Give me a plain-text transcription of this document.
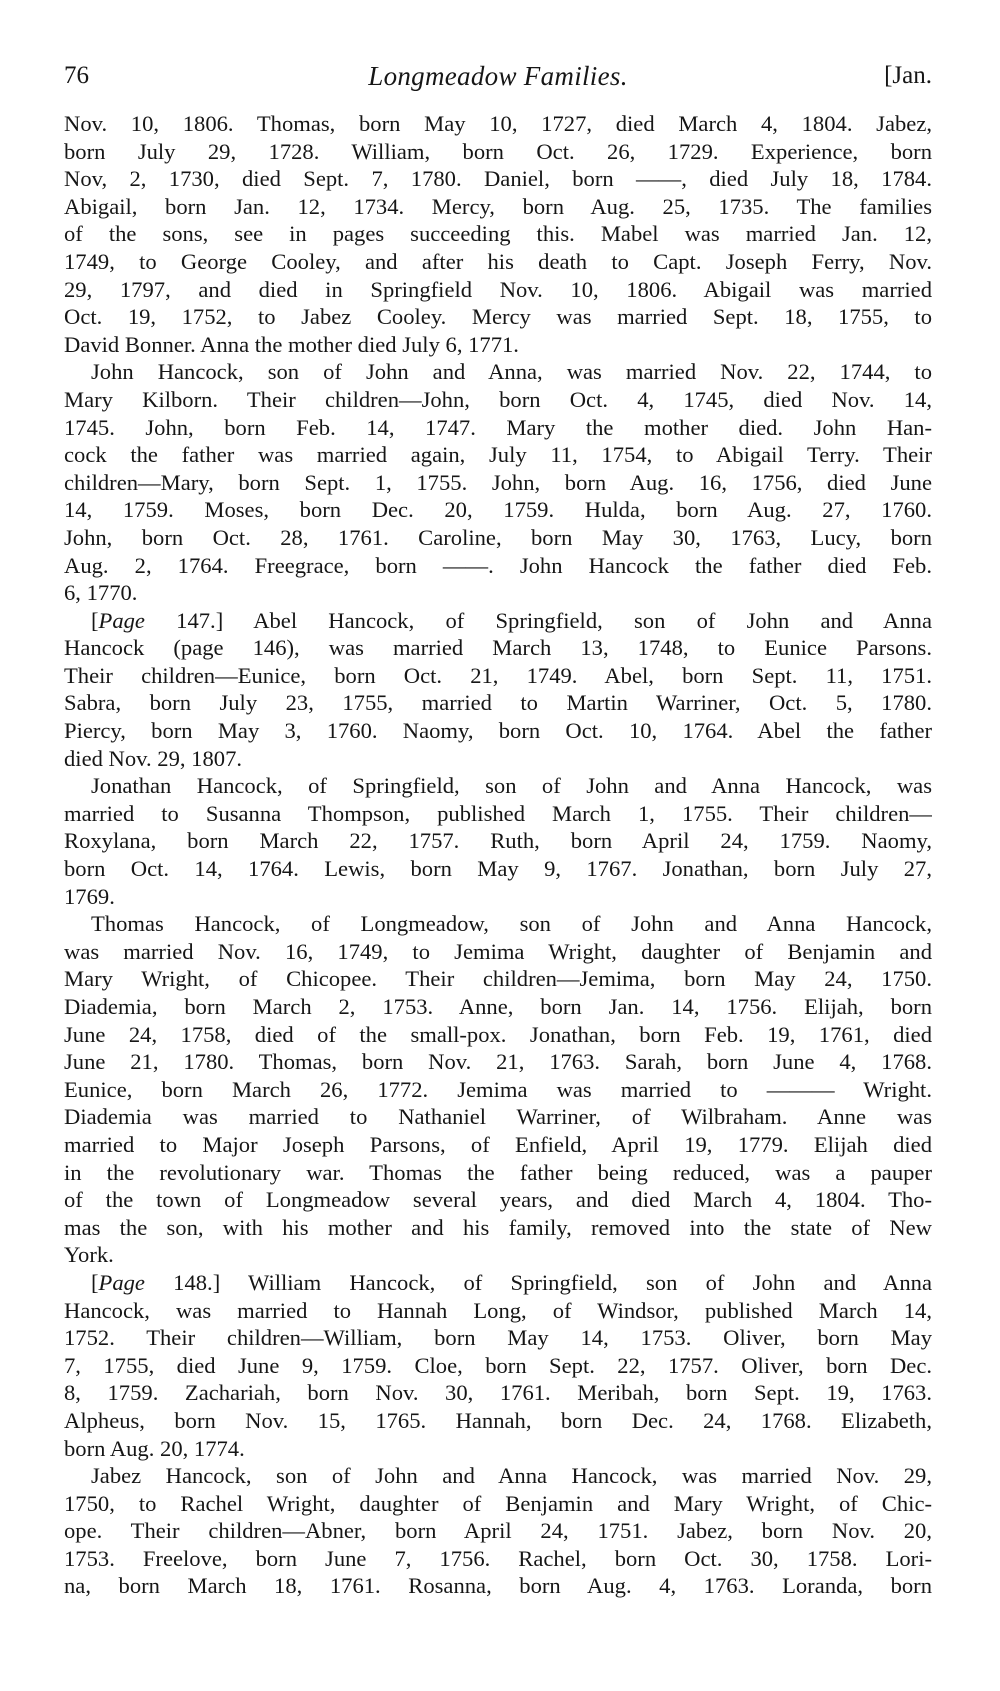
76	Longmeadow Families.	[Jan.
Nov. 10, 1806. Thomas, born May 10, 1727, died March 4, 1804. Jabez,
born July 29, 1728. William, born Oct. 26, 1729. Experience, born
Nov, 2, 1730, died Sept. 7, 1780. Daniel, born ——, died July 18, 1784.
Abigail, born Jan. 12, 1734. Mercy, born Aug. 25, 1735. The families
of the sons, see in pages succeeding this. Mabel was married Jan. 12,
1749, to George Cooley, and after his death to Capt. Joseph Ferry, Nov.
29, 1797, and died in Springfield Nov. 10, 1806. Abigail was married
Oct. 19, 1752, to Jabez Cooley. Mercy was married Sept. 18, 1755, to
David Bonner. Anna the mother died July 6, 1771.
John Hancock, son of John and Anna, was married Nov. 22, 1744, to
Mary Kilborn. Their children—John, born Oct. 4, 1745, died Nov. 14,
1745. John, born Feb. 14, 1747. Mary the mother died. John Han-
cock the father was married again, July 11, 1754, to Abigail Terry. Their
children—Mary, born Sept. 1, 1755. John, born Aug. 16, 1756, died June
14, 1759. Moses, born Dec. 20, 1759. Hulda, born Aug. 27, 1760.
John, born Oct. 28, 1761. Caroline, born May 30, 1763, Lucy, born
Aug. 2, 1764. Freegrace, born ——. John Hancock the father died Feb.
6, 1770.
[Page 147.] Abel Hancock, of Springfield, son of John and Anna
Hancock (page 146), was married March 13, 1748, to Eunice Parsons.
Their children—Eunice, born Oct. 21, 1749. Abel, born Sept. 11, 1751.
Sabra, born July 23, 1755, married to Martin Warriner, Oct. 5, 1780.
Piercy, born May 3, 1760. Naomy, born Oct. 10, 1764. Abel the father
died Nov. 29, 1807.
Jonathan Hancock, of Springfield, son of John and Anna Hancock, was
married to Susanna Thompson, published March 1, 1755. Their children—
Roxylana, born March 22, 1757. Ruth, born April 24, 1759. Naomy,
born Oct. 14, 1764. Lewis, born May 9, 1767. Jonathan, born July 27,
1769.
Thomas Hancock, of Longmeadow, son of John and Anna Hancock,
was married Nov. 16, 1749, to Jemima Wright, daughter of Benjamin and
Mary Wright, of Chicopee. Their children—Jemima, born May 24, 1750.
Diademia, born March 2, 1753. Anne, born Jan. 14, 1756. Elijah, born
June 24, 1758, died of the small-pox. Jonathan, born Feb. 19, 1761, died
June 21, 1780. Thomas, born Nov. 21, 1763. Sarah, born June 4, 1768.
Eunice, born March 26, 1772. Jemima was married to ——— Wright.
Diademia was married to Nathaniel Warriner, of Wilbraham. Anne was
married to Major Joseph Parsons, of Enfield, April 19, 1779. Elijah died
in the revolutionary war. Thomas the father being reduced, was a pauper
of the town of Longmeadow several years, and died March 4, 1804. Tho-
mas the son, with his mother and his family, removed into the state of New
York.
[Page 148.] William Hancock, of Springfield, son of John and Anna
Hancock, was married to Hannah Long, of Windsor, published March 14,
1752. Their children—William, born May 14, 1753. Oliver, born May
7, 1755, died June 9, 1759. Cloe, born Sept. 22, 1757. Oliver, born Dec.
8, 1759. Zachariah, born Nov. 30, 1761. Meribah, born Sept. 19, 1763.
Alpheus, born Nov. 15, 1765. Hannah, born Dec. 24, 1768. Elizabeth,
born Aug. 20, 1774.
Jabez Hancock, son of John and Anna Hancock, was married Nov. 29,
1750, to Rachel Wright, daughter of Benjamin and Mary Wright, of Chic-
ope. Their children—Abner, born April 24, 1751. Jabez, born Nov. 20,
1753. Freelove, born June 7, 1756. Rachel, born Oct. 30, 1758. Lori-
na, born March 18, 1761. Rosanna, born Aug. 4, 1763. Loranda, born
